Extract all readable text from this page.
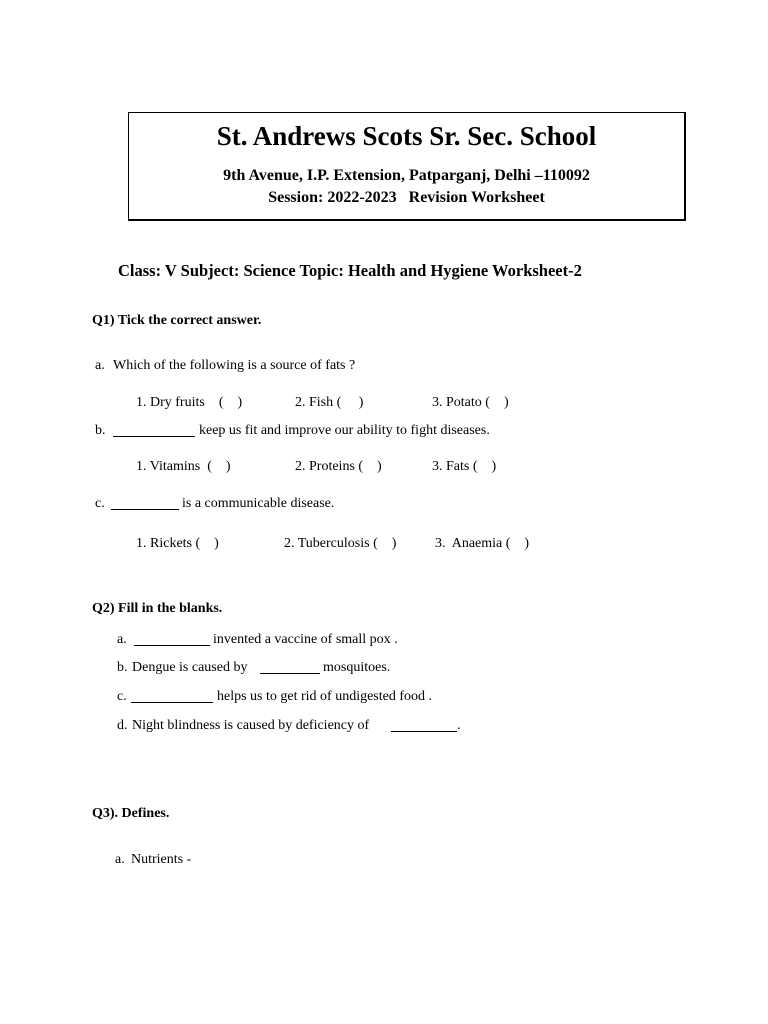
St. Andrews Scots Sr. Sec. School
9th Avenue, I.P. Extension, Patparganj, Delhi –110092
Session: 2022-2023   Revision Worksheet
Class: V Subject: Science Topic: Health and Hygiene Worksheet-2
Q1) Tick the correct answer.
a. Which of the following is a source of fats ?
1. Dry fruits    (    )	2. Fish (     )	3. Potato (    )
b.	keep us fit and improve our ability to fight diseases.
1. Vitamins  (    )	2. Proteins (    )	3. Fats (    )
c.	is a communicable disease.
1. Rickets (    )	2. Tuberculosis (    )	3.  Anaemia (    )
Q2) Fill in the blanks.
a.	invented a vaccine of small pox .
b. Dengue is caused by	mosquitoes.
c.	helps us to get rid of undigested food .
d. Night blindness is caused by deficiency of	.
Q3). Defines.
a. Nutrients -
